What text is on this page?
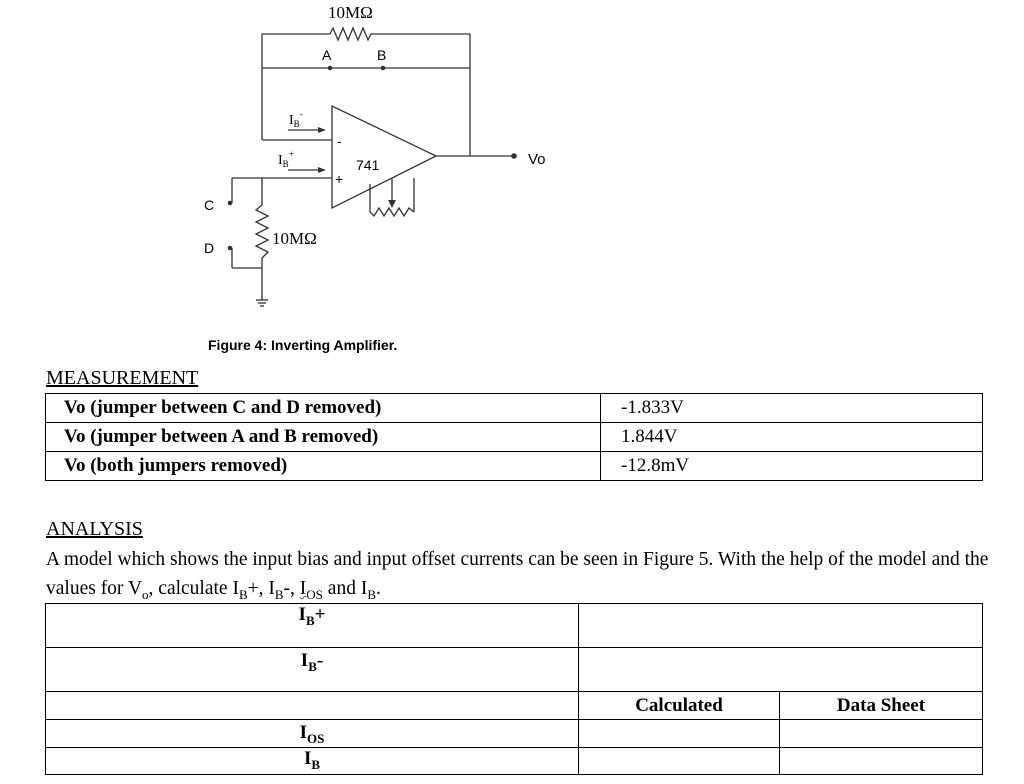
10MΩ
10MΩ
$I_B^-$
$I_B^+$
A	B
C
D
741
-
+
Vo
Figure 4: Inverting Amplifier.
MEASUREMENT
Vo (jumper between C and D removed)	-1.833V
Vo (jumper between A and B removed)	1.844V
Vo (both jumpers removed)	-12.8mV
ANALYSIS
A model which shows the input bias and input offset currents can be seen in Figure 5. With the help of the model and the values for $V_o$, calculate $I_B+$, $I_B-$, $I_{OS}$ and $I_B$.
$I_B+$		
$I_B-$		
	Calculated	Data Sheet
$I_{OS}$		
$I_B$		
